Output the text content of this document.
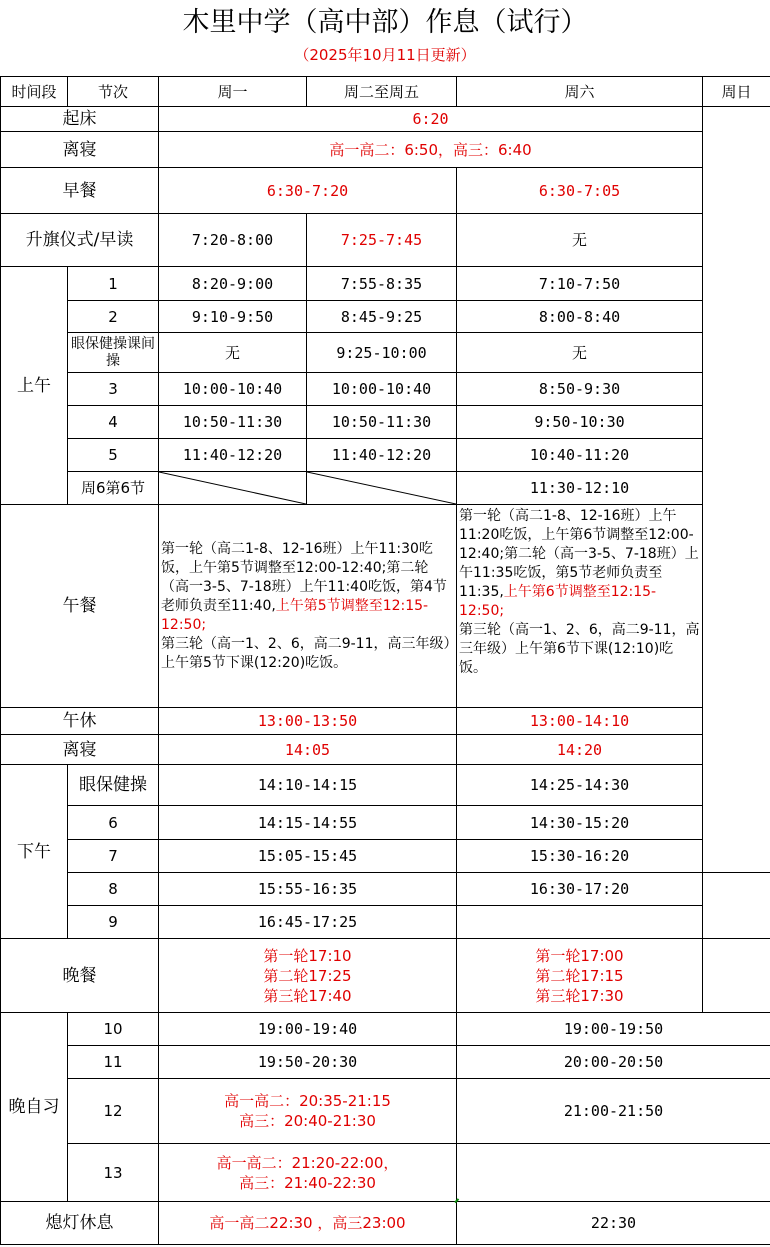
木里中学（高中部）作息（试行）
（2025年10月11日更新）
时间段	节次	周一	周二至周五	周六	周日
起床		6:20			
离寝		高一高二：6:50，高三：6:40			
早餐		6:30-7:20		6:30-7:05	
升旗仪式/早读		7:20-8:00	7:25-7:45	无	
上午	1	8:20-9:00	7:55-8:35	7:10-7:50	
	2	9:10-9:50	8:45-9:25	8:00-8:40	
	眼保健操课间操	无	9:25-10:00	无	
	3	10:00-10:40	10:00-10:40	8:50-9:30	
	4	10:50-11:30	10:50-11:30	9:50-10:30	
	5	11:40-12:20	11:40-12:20	10:40-11:20	
	周6第6节			11:30-12:10	
午餐		第一轮（高二1-8、12-16班）上午11:30吃饭，上午第5节调整至12:00-12:40;第二轮（高一3-5、7-18班）上午11:40吃饭，第4节老师负责至11:40,上午第5节调整至12:15-12:50;
第三轮（高一1、2、6，高二9-11，高三年级）上午第5节下课(12:20)吃饭。		第一轮（高二1-8、12-16班）上午11:20吃饭，上午第6节调整至12:00-12:40;第二轮（高一3-5、7-18班）上午11:35吃饭，第5节老师负责至11:35,上午第6节调整至12:15-12:50;
第三轮（高一1、2、6，高二9-11，高三年级）上午第6节下课(12:10)吃饭。	
午休		13:00-13:50		13:00-14:10	
离寝		14:05		14:20	
下午	眼保健操	14:10-14:15		14:25-14:30	
	6	14:15-14:55		14:30-15:20	
	7	15:05-15:45		15:30-16:20	
	8	15:55-16:35		16:30-17:20	
	9	16:45-17:25			
晚餐		第一轮17:10
第二轮17:25
第三轮17:40		第一轮17:00
第二轮17:15
第三轮17:30	
晚自习	10	19:00-19:40		19:00-19:50	
	11	19:50-20:30		20:00-20:50	
	12	高一高二：20:35-21:15
高三：20:40-21:30		21:00-21:50	
	13	高一高二：21:20-22:00，
高三：21:40-22:30			
熄灯休息		高一高二22:30 ，高三23:00		22:30	
